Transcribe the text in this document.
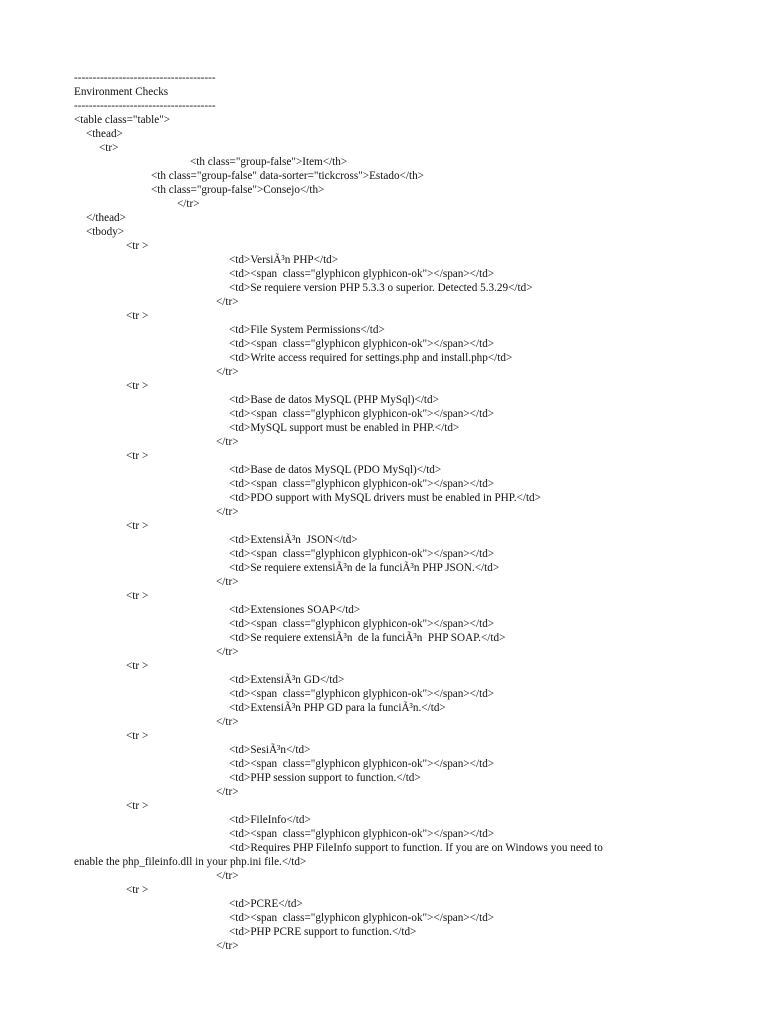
--------------------------------------

Environment Checks

--------------------------------------

<table class="table">

<thead>

<tr>

<th class="group-false">Item</th>

<th class="group-false" data-sorter="tickcross">Estado</th>

<th class="group-false">Consejo</th>

</tr>

</thead>

<tbody>

<tr >

<td>VersiÃ³n PHP</td>

<td><span  class="glyphicon glyphicon-ok"></span></td>

<td>Se requiere version PHP 5.3.3 o superior. Detected 5.3.29</td>

</tr>

<tr >

<td>File System Permissions</td>

<td><span  class="glyphicon glyphicon-ok"></span></td>

<td>Write access required for settings.php and install.php</td>

</tr>

<tr >

<td>Base de datos MySQL (PHP MySql)</td>

<td><span  class="glyphicon glyphicon-ok"></span></td>

<td>MySQL support must be enabled in PHP.</td>

</tr>

<tr >

<td>Base de datos MySQL (PDO MySql)</td>

<td><span  class="glyphicon glyphicon-ok"></span></td>

<td>PDO support with MySQL drivers must be enabled in PHP.</td>

</tr>

<tr >

<td>ExtensiÃ³n  JSON</td>

<td><span  class="glyphicon glyphicon-ok"></span></td>

<td>Se requiere extensiÃ³n de la funciÃ³n PHP JSON.</td>

</tr>

<tr >

<td>Extensiones SOAP</td>

<td><span  class="glyphicon glyphicon-ok"></span></td>

<td>Se requiere extensiÃ³n  de la funciÃ³n  PHP SOAP.</td>

</tr>

<tr >

<td>ExtensiÃ³n GD</td>

<td><span  class="glyphicon glyphicon-ok"></span></td>

<td>ExtensiÃ³n PHP GD para la funciÃ³n.</td>

</tr>

<tr >

<td>SesiÃ³n</td>

<td><span  class="glyphicon glyphicon-ok"></span></td>

<td>PHP session support to function.</td>

</tr>

<tr >

<td>FileInfo</td>

<td><span  class="glyphicon glyphicon-ok"></span></td>

<td>Requires PHP FileInfo support to function. If you are on Windows you need to

enable the php_fileinfo.dll in your php.ini file.</td>

</tr>

<tr >

<td>PCRE</td>

<td><span  class="glyphicon glyphicon-ok"></span></td>

<td>PHP PCRE support to function.</td>

</tr>
